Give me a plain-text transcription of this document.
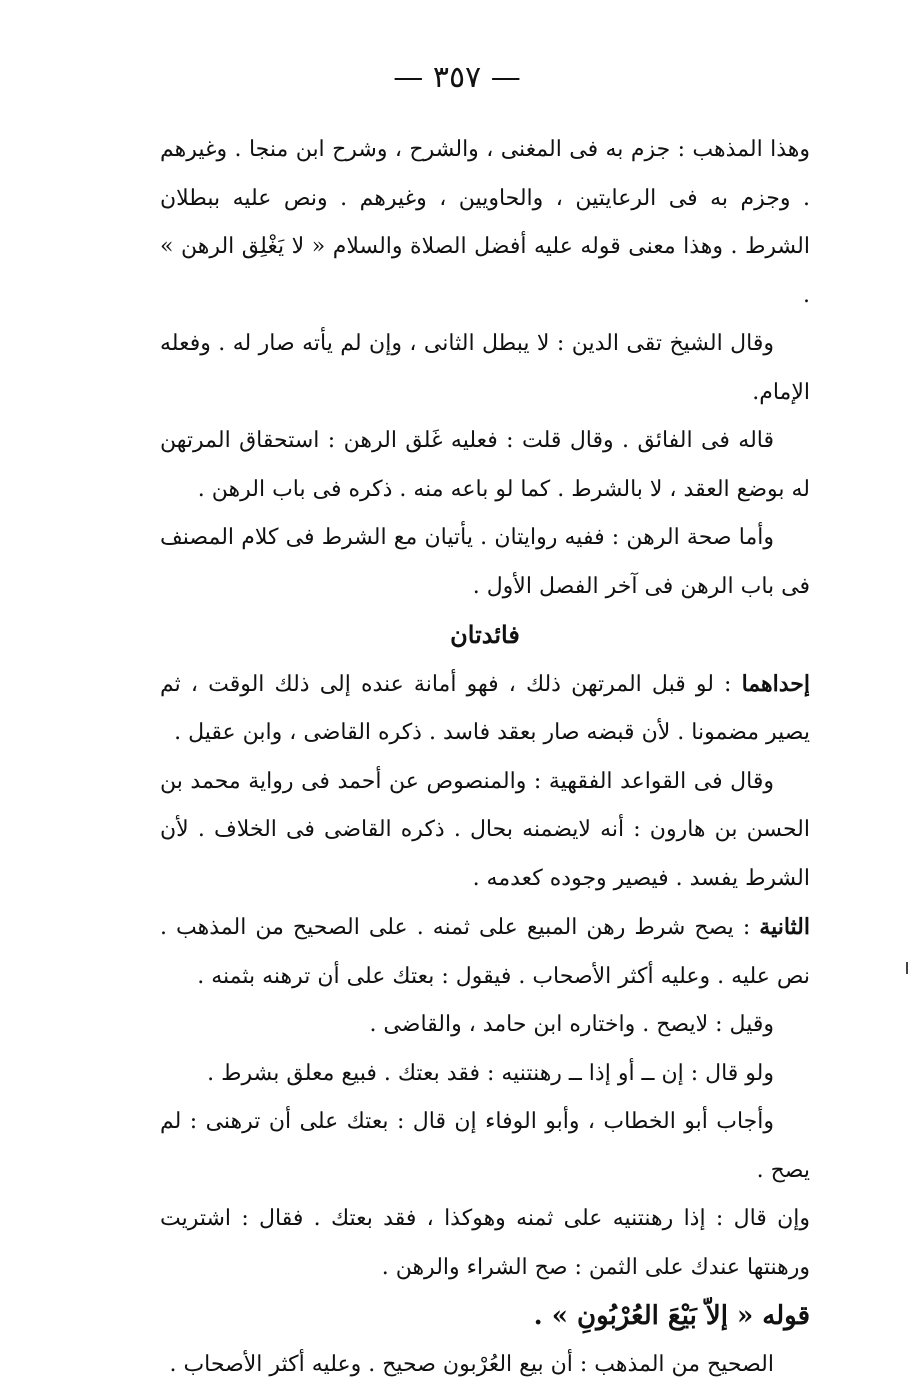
— ٣٥٧ —

وهذا المذهب : جزم به فى المغنى ، والشرح ، وشرح ابن منجا . وغيرهم . وجزم به فى الرعايتين ، والحاويين ، وغيرهم . ونص عليه ببطلان الشرط . وهذا معنى قوله عليه أفضل الصلاة والسلام « لا يَغْلِق الرهن » .

وقال الشيخ تقى الدين : لا يبطل الثانى ، وإن لم يأته صار له . وفعله الإمام.

قاله فى الفائق . وقال قلت : فعليه غَلق الرهن : استحقاق المرتهن له بوضع العقد ، لا بالشرط . كما لو باعه منه . ذكره فى باب الرهن .

وأما صحة الرهن : ففيه روايتان . يأتيان مع الشرط فى كلام المصنف فى باب الرهن فى آخر الفصل الأول .

فائدتان

إحداهما : لو قبل المرتهن ذلك ، فهو أمانة عنده إلى ذلك الوقت ، ثم يصير مضمونا . لأن قبضه صار بعقد فاسد . ذكره القاضى ، وابن عقيل .

وقال فى القواعد الفقهية : والمنصوص عن أحمد فى رواية محمد بن الحسن بن هارون : أنه لايضمنه بحال . ذكره القاضى فى الخلاف . لأن الشرط يفسد . فيصير وجوده كعدمه .

الثانية : يصح شرط رهن المبيع على ثمنه . على الصحيح من المذهب . نص عليه . وعليه أكثر الأصحاب . فيقول : بعتك على أن ترهنه بثمنه .

وقيل : لايصح . واختاره ابن حامد ، والقاضى .

ولو قال : إن ــ أو إذا ــ رهنتنيه : فقد بعتك . فبيع معلق بشرط .

وأجاب أبو الخطاب ، وأبو الوفاء إن قال : بعتك على أن ترهنى : لم يصح .

وإن قال : إذا رهنتنيه على ثمنه وهوكذا ، فقد بعتك . فقال : اشتريت ورهنتها عندك على الثمن : صح الشراء والرهن .

قوله « إلاّ بَيْعَ العُرْبُونِ » .

الصحيح من المذهب : أن بيع العُرْبون صحيح . وعليه أكثر الأصحاب .
